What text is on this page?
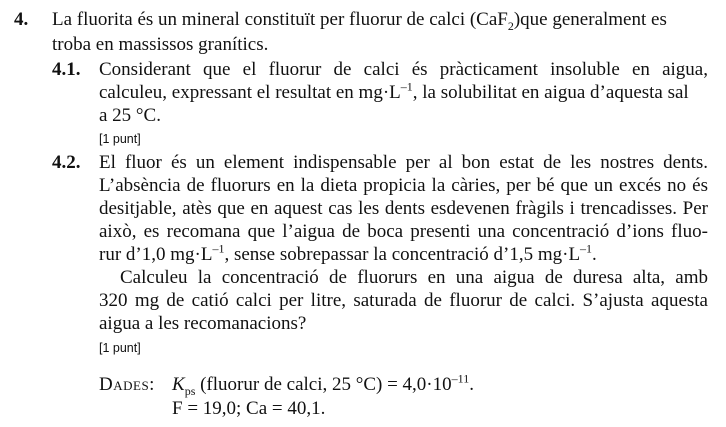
4. La fluorita és un mineral constituït per fluorur de calci (CaF$_2$)que generalment es
troba en massissos granítics.
4.1. Considerant que el fluorur de calci és pràcticament insoluble en aigua,
calculeu, expressant el resultat en $mg\cdot L^{-1}$, la solubilitat en aigua d’aquesta sal
a 25 °C.
[1 punt]
4.2. El fluor és un element indispensable per al bon estat de les nostres dents.
L’absència de fluorurs en la dieta propicia la càries, per bé que un excés no és
desitjable, atès que en aquest cas les dents esdevenen fràgils i trencadisses. Per
això, es recomana que l’aigua de boca presenti una concentració d’ions fluo-
rur d’1,0 $mg\cdot L^{-1}$, sense sobrepassar la concentració d’1,5 $mg\cdot L^{-1}$.
Calculeu la concentració de fluorurs en una aigua de duresa alta, amb
320 mg de catió calci per litre, saturada de fluorur de calci. S’ajusta aquesta
aigua a les recomanacions?
[1 punt]
Dades: $K_{ps}$ (fluorur de calci, 25 $^\circ C) = 4,0\cdot 10^{-11}$.
F = 19,0; Ca = 40,1.
